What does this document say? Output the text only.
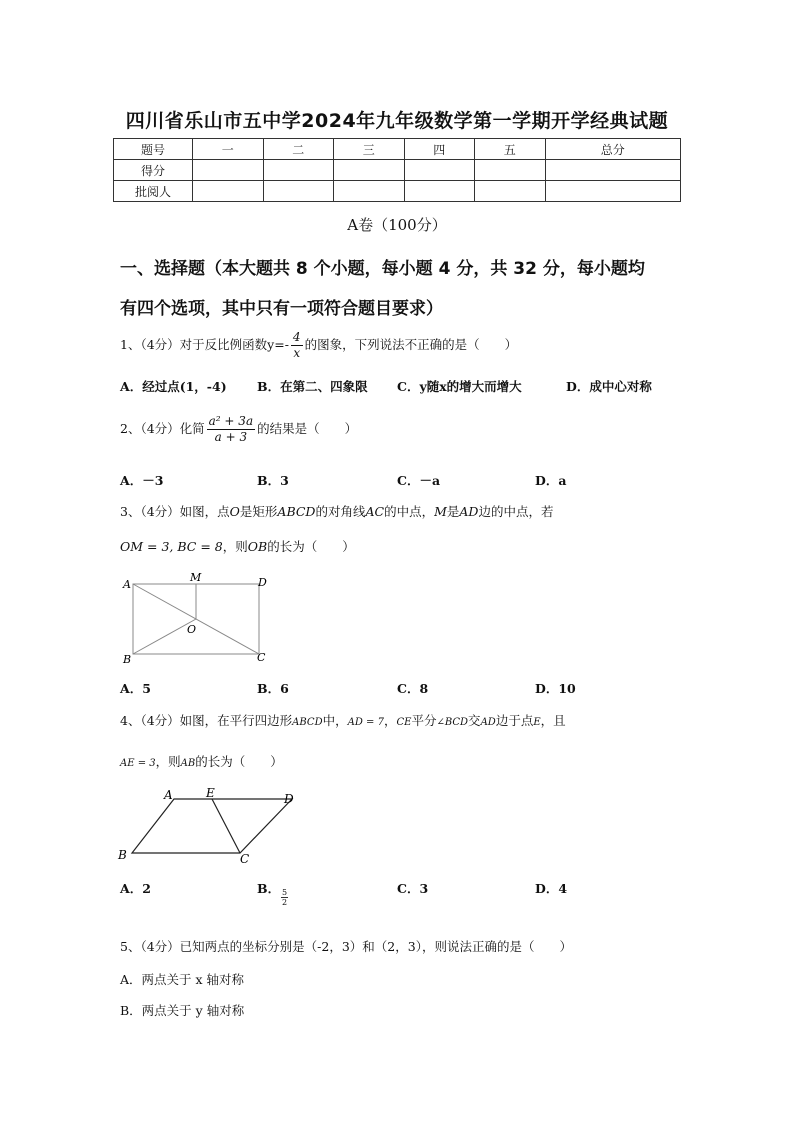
四川省乐山市五中学2024年九年级数学第一学期开学经典试题
题号	一	二	三	四	五	总分
得分						
批阅人						
A卷（100分）
一、选择题（本大题共 8 个小题，每小题 4 分，共 32 分，每小题均
有四个选项，其中只有一项符合题目要求）
1、（4分）对于反比例函数$y=- \frac{4}{x}$ 的图象，下列说法不正确的是（　　）
A．经过点(1，-4) B．在第二、四象限 C．y随x的增大而增大	D．成中心对称
2、（4分）化简 $\frac{\text{a² + 3a}}{a + 3}$ 的结果是（　　）
A．－3	B．3	C．－a	D．a
3、（4分）如图，点O是矩形ABCD的对角线AC的中点，M是AD边的中点，若
OM = 3, BC = 8，则OB的长为（　　）
A
M	D
O
B	C
A．5	B．6	C．8	D．10
4、（4分）如图，在平行四边形ABCD中，AD = 7，CE平分∠BCD交AD边于点E，且
AE = 3，则AB的长为（　　）
A	E	D
B	C
A．2	B． 5
2
C．3	D．4
5、（4分）已知两点的坐标分别是（-2，3）和（2，3），则说法正确的是（　　）
A．两点关于 x 轴对称
B．两点关于 y 轴对称
